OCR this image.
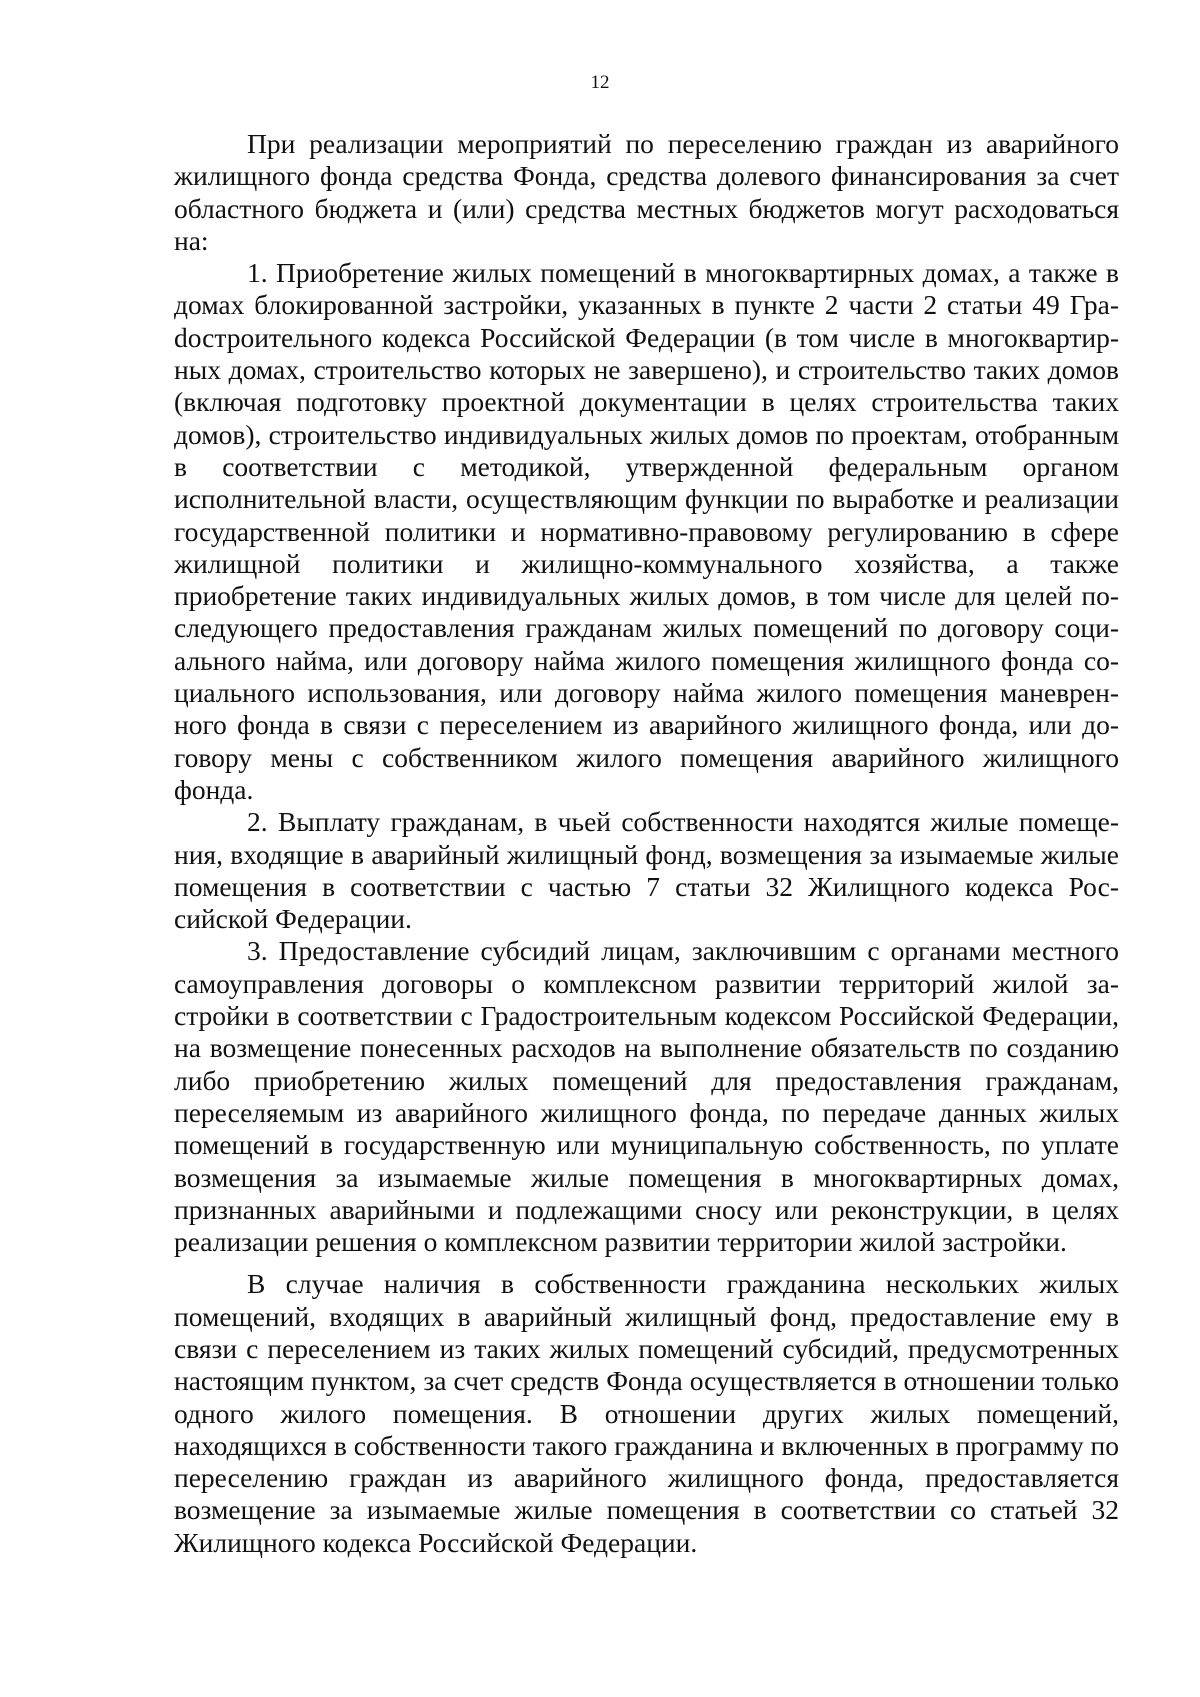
12

При реализации мероприятий по переселению граждан из аварийного жилищного фонда средства Фонда, средства долевого финансирования за счет областного бюджета и (или) средства местных бюджетов могут расходоваться на:

1. Приобретение жилых помещений в многоквартирных домах, а также в домах блокированной застройки, указанных в пункте 2 части 2 статьи 49 Граdостроительного кодекса Российской Федерации (в том числе в многоквартирных домах, строительство которых не завершено), и строительство таких домов (включая подготовку проектной документации в целях строительства таких домов), строительство индивидуальных жилых домов по проектам, отобранным в соответствии с методикой, утвержденной федеральным органом исполнительной власти, осуществляющим функции по выработке и реализации государственной политики и нормативно-правовому регулированию в сфере жилищной политики и жилищно-коммунального хозяйства, а также приобретение таких индивидуальных жилых домов, в том числе для целей последующего предоставления гражданам жилых помещений по договору социального найма, или договору найма жилого помещения жилищного фонда социального использования, или договору найма жилого помещения маневренного фонда в связи с переселением из аварийного жилищного фонда, или договору мены с собственником жилого помещения аварийного жилищного фонда.

2. Выплату гражданам, в чьей собственности находятся жилые помещения, входящие в аварийный жилищный фонд, возмещения за изымаемые жилые помещения в соответствии с частью 7 статьи 32 Жилищного кодекса Российской Федерации.

3. Предоставление субсидий лицам, заключившим с органами местного самоуправления договоры о комплексном развитии территорий жилой застройки в соответствии с Градостроительным кодексом Российской Федерации, на возмещение понесенных расходов на выполнение обязательств по созданию либо приобретению жилых помещений для предоставления гражданам, переселяемым из аварийного жилищного фонда, по передаче данных жилых помещений в государственную или муниципальную собственность, по уплате возмещения за изымаемые жилые помещения в многоквартирных домах, признанных аварийными и подлежащими сносу или реконструкции, в целях реализации решения о комплексном развитии территории жилой застройки.

В случае наличия в собственности гражданина нескольких жилых помещений, входящих в аварийный жилищный фонд, предоставление ему в связи с переселением из таких жилых помещений субсидий, предусмотренных настоящим пунктом, за счет средств Фонда осуществляется в отношении только одного жилого помещения. В отношении других жилых помещений, находящихся в собственности такого гражданина и включенных в программу по переселению граждан из аварийного жилищного фонда, предоставляется возмещение за изымаемые жилые помещения в соответствии со статьей 32 Жилищного кодекса Российской Федерации.
